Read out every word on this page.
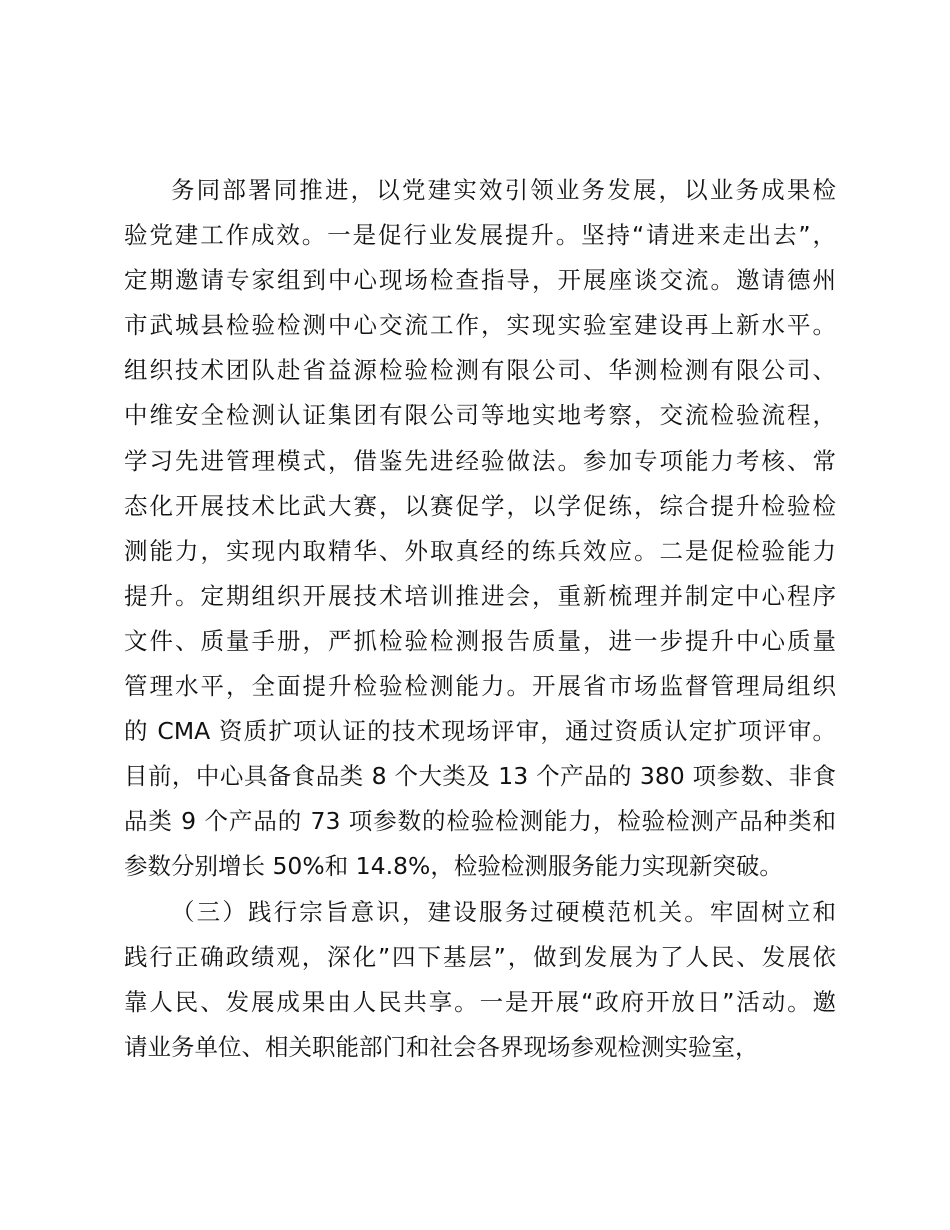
务同部署同推进，以党建实效引领业务发展，以业务成果检
验党建工作成效。一是促行业发展提升。坚持“请进来走出去”，
定期邀请专家组到中心现场检查指导，开展座谈交流。邀请德州
市武城县检验检测中心交流工作，实现实验室建设再上新水平。
组织技术团队赴省益源检验检测有限公司、华测检测有限公司、
中维安全检测认证集团有限公司等地实地考察，交流检验流程，
学习先进管理模式，借鉴先进经验做法。参加专项能力考核、常
态化开展技术比武大赛，以赛促学，以学促练，综合提升检验检
测能力，实现内取精华、外取真经的练兵效应。二是促检验能力
提升。定期组织开展技术培训推进会，重新梳理并制定中心程序
文件、质量手册，严抓检验检测报告质量，进一步提升中心质量
管理水平，全面提升检验检测能力。开展省市场监督管理局组织
的 CMA 资质扩项认证的技术现场评审，通过资质认定扩项评审。
目前，中心具备食品类 8 个大类及 13 个产品的 380 项参数、非食
品类 9 个产品的 73 项参数的检验检测能力，检验检测产品种类和
参数分别增长 50%和 14.8%，检验检测服务能力实现新突破。
（三）践行宗旨意识，建设服务过硬模范机关。牢固树立和
践行正确政绩观，深化”四下基层”，做到发展为了人民、发展依
靠人民、发展成果由人民共享。一是开展“政府开放日”活动。邀
请业务单位、相关职能部门和社会各界现场参观检测实验室，
